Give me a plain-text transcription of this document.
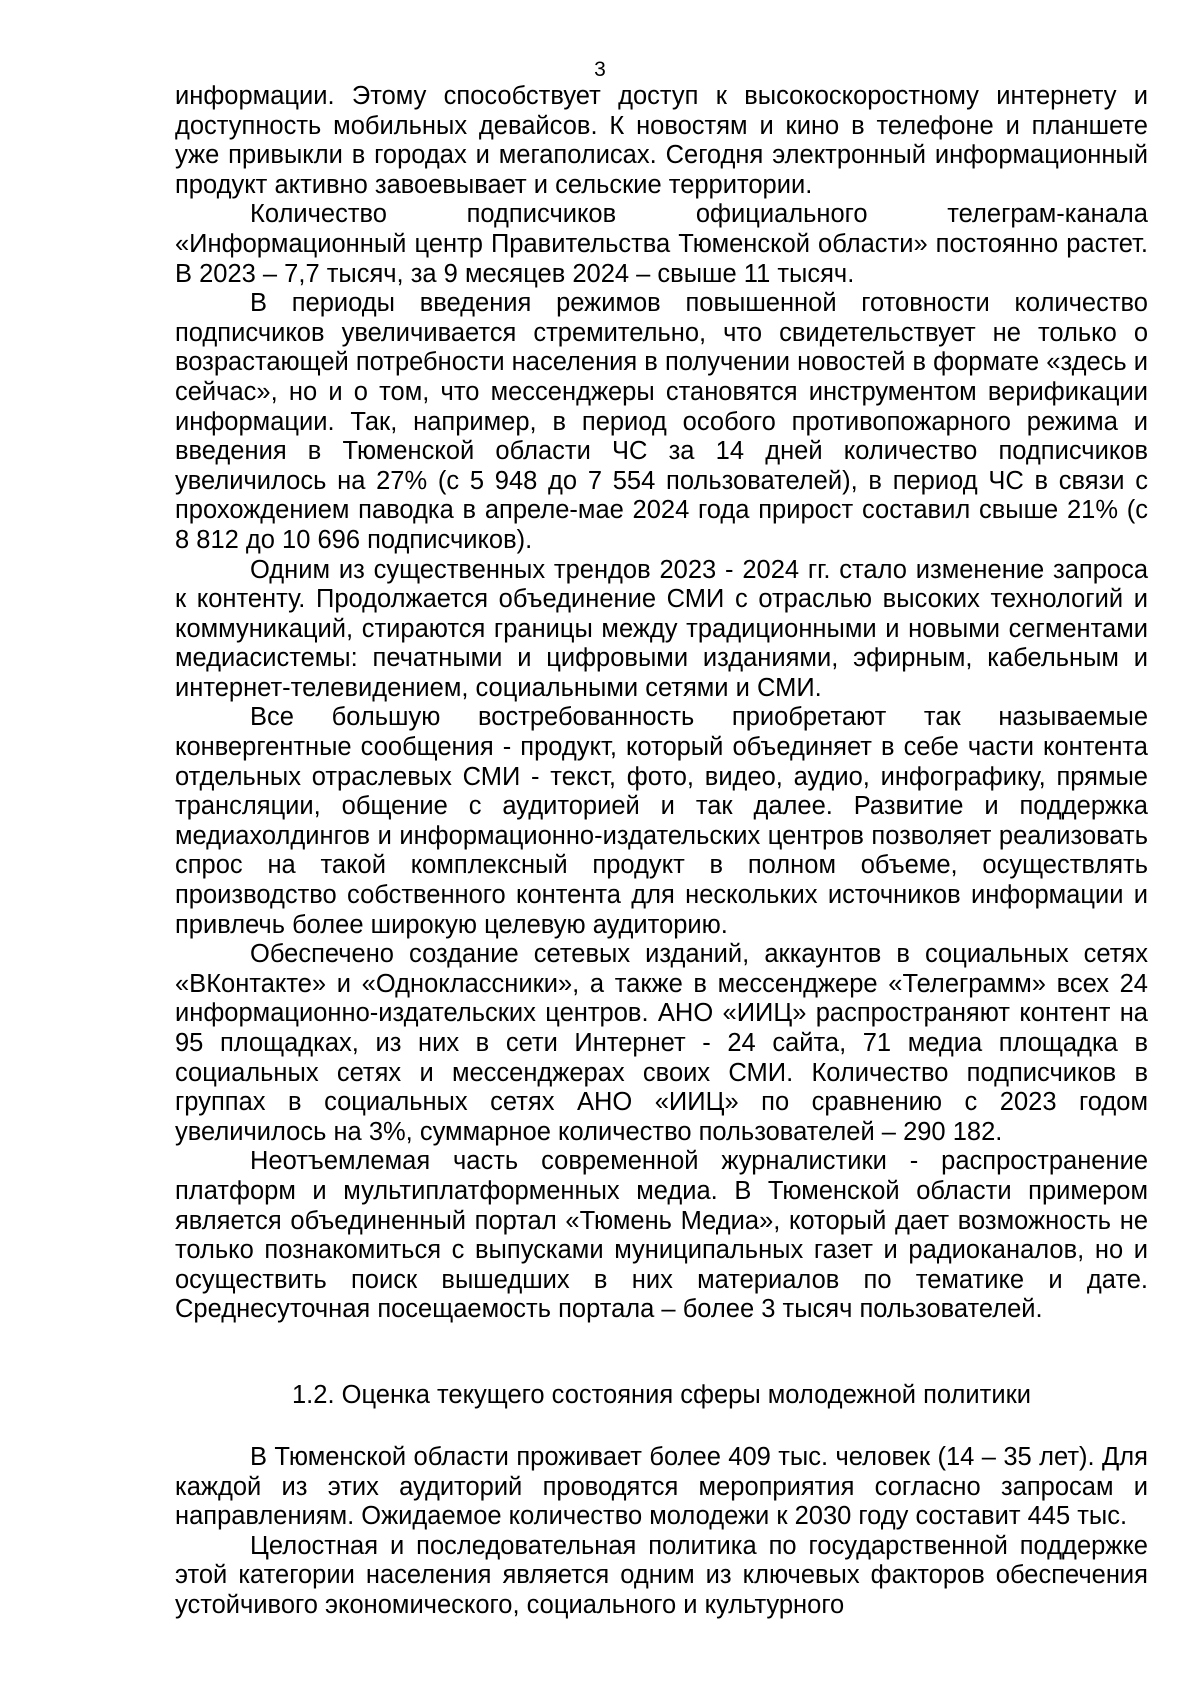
3

информации. Этому способствует доступ к высокоскоростному интернету и доступность мобильных девайсов. К новостям и кино в телефоне и планшете уже привыкли в городах и мегаполисах. Сегодня электронный информационный продукт активно завоевывает и сельские территории.

Количество подписчиков официального телеграм-канала «Информационный центр Правительства Тюменской области» постоянно растет. В 2023 – 7,7 тысяч, за 9 месяцев 2024 – свыше 11 тысяч.

В периоды введения режимов повышенной готовности количество подписчиков увеличивается стремительно, что свидетельствует не только о возрастающей потребности населения в получении новостей в формате «здесь и сейчас», но и о том, что мессенджеры становятся инструментом верификации информации. Так, например, в период особого противопожарного режима и введения в Тюменской области ЧС за 14 дней количество подписчиков увеличилось на 27% (с 5 948 до 7 554 пользователей), в период ЧС в связи с прохождением паводка в апреле-мае 2024 года прирост составил свыше 21% (с 8 812 до 10 696 подписчиков).

Одним из существенных трендов 2023 - 2024 гг. стало изменение запроса к контенту. Продолжается объединение СМИ с отраслью высоких технологий и коммуникаций, стираются границы между традиционными и новыми сегментами медиасистемы: печатными и цифровыми изданиями, эфирным, кабельным и интернет-телевидением, социальными сетями и СМИ.

Все большую востребованность приобретают так называемые конвергентные сообщения - продукт, который объединяет в себе части контента отдельных отраслевых СМИ - текст, фото, видео, аудио, инфографику, прямые трансляции, общение с аудиторией и так далее. Развитие и поддержка медиахолдингов и информационно-издательских центров позволяет реализовать спрос на такой комплексный продукт в полном объеме, осуществлять производство собственного контента для нескольких источников информации и привлечь более широкую целевую аудиторию.

Обеспечено создание сетевых изданий, аккаунтов в социальных сетях «ВКонтакте» и «Одноклассники», а также в мессенджере «Телеграмм» всех 24 информационно-издательских центров. АНО «ИИЦ» распространяют контент на 95 площадках, из них в сети Интернет - 24 сайта, 71 медиа площадка в социальных сетях и мессенджерах своих СМИ. Количество подписчиков в группах в социальных сетях АНО «ИИЦ» по сравнению с 2023 годом увеличилось на 3%, суммарное количество пользователей – 290 182.

Неотъемлемая часть современной журналистики - распространение платформ и мультиплатформенных медиа. В Тюменской области примером является объединенный портал «Тюмень Медиа», который дает возможность не только познакомиться с выпусками муниципальных газет и радиоканалов, но и осуществить поиск вышедших в них материалов по тематике и дате. Среднесуточная посещаемость портала – более 3 тысяч пользователей.

1.2. Оценка текущего состояния сферы молодежной политики

В Тюменской области проживает более 409 тыс. человек (14 – 35 лет). Для каждой из этих аудиторий проводятся мероприятия согласно запросам и направлениям. Ожидаемое количество молодежи к 2030 году составит 445 тыс.

Целостная и последовательная политика по государственной поддержке этой категории населения является одним из ключевых факторов обеспечения устойчивого экономического, социального и культурного
